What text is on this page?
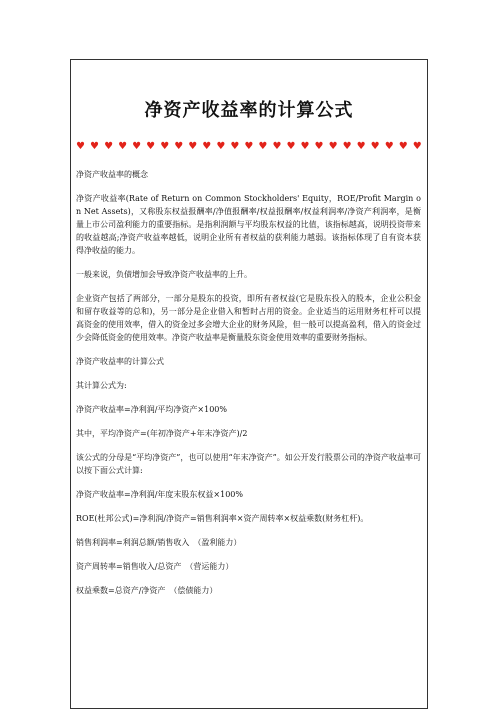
净资产收益率的计算公式
♥ ♥ ♥ ♥ ♥ ♥ ♥ ♥ ♥ ♥ ♥ ♥ ♥ ♥ ♥ ♥ ♥ ♥ ♥ ♥ ♥ ♥ ♥ ♥ ♥

净资产收益率的概念

净资产收益率(Rate of Return on Common Stockholders' Equity，ROE/Profit Margin on Net Assets)，又称股东权益报酬率/净值报酬率/权益报酬率/权益利润率/净资产利润率，是衡量上市公司盈利能力的重要指标。是指利润额与平均股东权益的比值，该指标越高，说明投资带来的收益越高;净资产收益率越低，说明企业所有者权益的获利能力越弱。该指标体现了自有资本获得净收益的能力。

一般来说，负债增加会导致净资产收益率的上升。

企业资产包括了两部分，一部分是股东的投资，即所有者权益(它是股东投入的股本，企业公积金和留存收益等的总和)，另一部分是企业借入和暂时占用的资金。企业适当的运用财务杠杆可以提高资金的使用效率，借入的资金过多会增大企业的财务风险，但一般可以提高盈利，借入的资金过少会降低资金的使用效率。净资产收益率是衡量股东资金使用效率的重要财务指标。

净资产收益率的计算公式

其计算公式为:

净资产收益率=净利润/平均净资产×100%

其中，平均净资产=(年初净资产+年末净资产)/2

该公式的分母是“平均净资产”，也可以使用“年末净资产”。如公开发行股票公司的净资产收益率可以按下面公式计算:

净资产收益率=净利润/年度末股东权益×100%

ROE(杜邦公式)=净利润/净资产=销售利润率×资产周转率×权益乘数(财务杠杆)。

销售利润率=利润总额/销售收入　（盈利能力）

资产周转率=销售收入/总资产　（营运能力）

权益乘数=总资产/净资产　（偿债能力）
